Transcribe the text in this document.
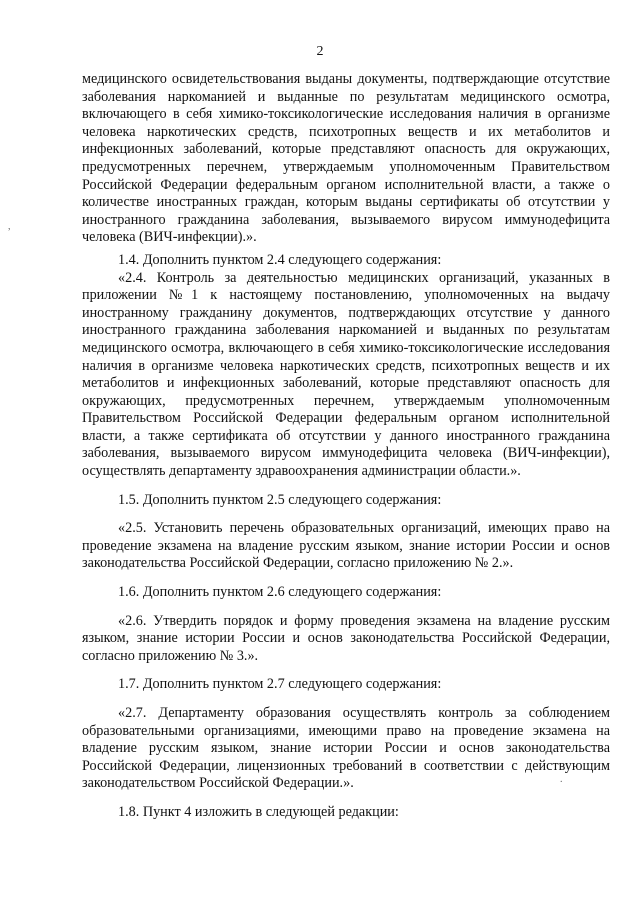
2
,
.

медицинского освидетельствования выданы документы, подтверждающие отсутствие заболевания наркоманией и выданные по результатам медицинского осмотра, включающего в себя химико-токсикологические исследования наличия в организме человека наркотических средств, психотропных веществ и их метаболитов и инфекционных заболеваний, которые представляют опасность для окружающих, предусмотренных перечнем, утверждаемым уполномоченным Правительством Российской Федерации федеральным органом исполнительной власти, а также о количестве иностранных граждан, которым выданы сертификаты об отсутствии у иностранного гражданина заболевания, вызываемого вирусом иммунодефицита человека (ВИЧ-инфекции).».

1.4. Дополнить пунктом 2.4 следующего содержания:

«2.4. Контроль за деятельностью медицинских организаций, указанных в приложении №1 к настоящему постановлению, уполномоченных на выдачу иностранному гражданину документов, подтверждающих отсутствие у данного иностранного гражданина заболевания наркоманией и выданных по результатам медицинского осмотра, включающего в себя химико-токсикологические исследования наличия в организме человека наркотических средств, психотропных веществ и их метаболитов и инфекционных заболеваний, которые представляют опасность для окружающих, предусмотренных перечнем, утверждаемым уполномоченным Правительством Российской Федерации федеральным органом исполнительной власти, а также сертификата об отсутствии у данного иностранного гражданина заболевания, вызываемого вирусом иммунодефицита человека (ВИЧ-инфекции), осуществлять департаменту здравоохранения администрации области.».

1.5. Дополнить пунктом 2.5 следующего содержания:

«2.5. Установить перечень образовательных организаций, имеющих право на проведение экзамена на владение русским языком, знание истории России и основ законодательства Российской Федерации, согласно приложению № 2.».

1.6. Дополнить пунктом 2.6 следующего содержания:

«2.6. Утвердить порядок и форму проведения экзамена на владение русским языком, знание истории России и основ законодательства Российской Федерации, согласно приложению № 3.».

1.7. Дополнить пунктом 2.7 следующего содержания:

«2.7. Департаменту образования осуществлять контроль за соблюдением образовательными организациями, имеющими право на проведение экзамена на владение русским языком, знание истории России и основ законодательства Российской Федерации, лицензионных требований в соответствии с действующим законодательством Российской Федерации.».

1.8. Пункт 4 изложить в следующей редакции:
